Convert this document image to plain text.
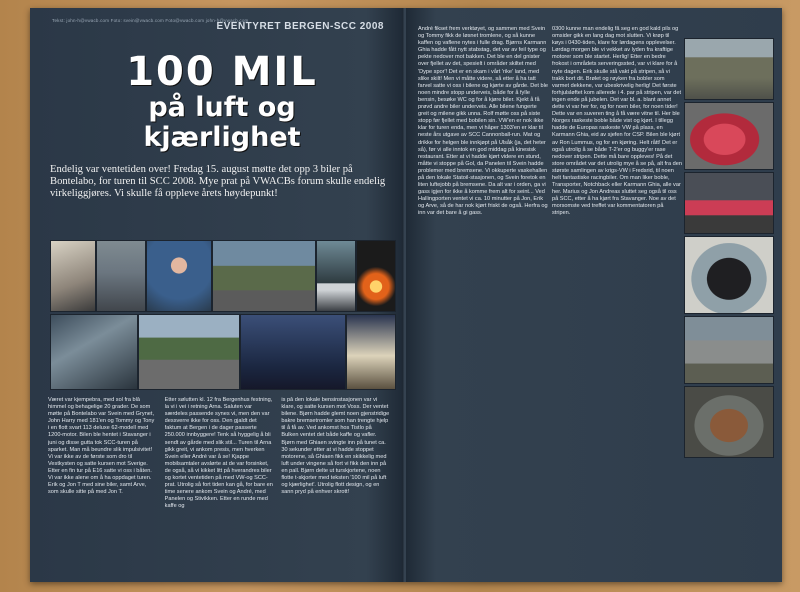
Tekst: john-h@vwacb.com Foto: svein@vwacb.com Foto@vwacb.com john-h@vwacb.com
EVENTYRET BERGEN-SCC 2008
100 MIL
på luft og
kjærlighet
Endelig var ventetiden over! Fredag 15. august møtte det opp 3 biler på Bontelabo, for turen til SCC 2008. Mye prat på VWACBs forum skulle endelig virkeliggjøres. Vi skulle få oppleve årets høydepunkt!

Været var kjempebra, med sol fra blå himmel og behagelige 20 grader. De som møtte på Bontelabo var Svein med Grynet, John Harry med 181'en og Tommy og Tony i en flott svart 113 deluxe 62-modell med 1200-motor. Bilen ble hentet i Stavanger i juni og disse gutta tok SCC-turen på sparket. Man må beundre slik impulsivitet! Vi var ikke av de første som dro til Vestkysten og satte kursen mot Sverige. Etter en fin tur på E16 satte vi oss i båten. Vi var ikke alene om å ha oppdaget turen. Erik og Jon T med sine biler, samt Arve, som skulle sitte på med Jon T.

Etter sølutten kl. 12 fra Bergenhus festning, la vi i vei i retning Arna. Saluten var særdeles passende synes vi, men den var dessverre ikke for oss. Den gjaldt det faktum at Bergen i de dager passerte 250.000 innbyggere! Tenk så hyggelig å bli sendt av gårde med slik stil... Turen til Arna gikk greit, vi ankom presis, men hverken Svein eller André var å se! Kjappe mobilsamtaler avslørte at de var forsinket, de også, så vi kikket litt på hverandres biler og kortet ventetiden på med VW-og SCC-prat. Utrolig så fort tiden kan gå, for bare en time senere ankom Svein og André, med Panelen og Stivikken. Etter en runde med kaffe og

is på den lokale bensinstasjonen var vi klare, og satte kursen mot Voss. Der ventet bilene. Bjørn hadde glemt noen gjenstridige bakre bremsetromler som han trengte hjelp til å få av. Ved ankomst hos Tistlo på Bulken ventet det både kaffe og vafler. Bjørn med Ghiaen svingte inn på tunet ca. 30 sekunder etter at vi hadde stoppet motorene, så Ghiaen fikk en skikkelig med luft under vingene så fort vi fikk den inn på en pall. Bjørn delte ut turskjortene, noen flotte t-skjorter med teksten '100 mil på luft og kjærlighet'. Utrolig flott design, og en sann pryd på enhver skrott!

André fikset frem verktøyet, og sammen med Svein og Tommy fikk de løsnet tromlene, og så kunne kaffen og vaflene nytes i fulle drag. Bjørns Karmann Ghia hadde fått nytt stabstag, det var av feil type og pekte nedover mot bakken. Det ble en del gnister over fjellet av det, spesielt i områder skiltet med 'Dype spor'! Det er en skam i vårt 'rike' land, med slike skilt! Men vi måtte videre, så etter å ha tatt farvel satte vi oss i bilene og kjørte av gårde. Det ble noen mindre stopp underveis, både for å fylle bensin, besøke WC og for å kjøre biler. Kjekt å få prøvd andre biler underveis. Alle bilene fungerte greit og milene gikk unna. Rolf møtte oss på siste stopp før fjellet med bobilen sin. VW'en er nok ikke klar for turen enda, men vi håper 1303'en er klar til neste års utgave av SCC Cannonball-run. Mat og drikke for helgen ble innkjøpt på Ulsåk (ja, det heter så), før vi alle inntok en god middag på kinesisk restaurant. Etter at vi hadde kjørt videre en stund, måtte vi stoppe på Gol, da Panelen til Svein hadde problemer med bremsene. Vi okkuperte vaskehallen på den lokale Statoil-stasjonen, og Svein foretok en liten luftejobb på bremsene. Da alt var i orden, ga vi gass igjen for ikke å komme frem alt for seint... Ved Hallingporten ventet vi ca. 10 minutter på Jon, Erik og Arve, så de har nok kjørt friskt de også. Herfra og inn var det bare å gi gass.

0300 kunne man endelig få seg en god kald pils og omsider gikk en lang dag mot slutten. Vi krøp til køys i 0430-tiden, klare for lørdagens opplevelser. Lørdag morgen ble vi vekket av lyden fra kraftige motorer som ble startet. Herlig! Etter en bedre frokost i områdets serveringssted, var vi klare for å nyte dagen. Erik skulle stå vakt på stripen, så vi trakk bort dit. Brølet og røyken fra bobler som varmet dekkene, var ubeskrivelig herlig! Det første forhjulsløftet kom allerede i 4. par på stripen, var det ingen ende på jubelen. Det var bl. a. blant annet dette vi var her for, og for noen biler, for noen tider! Dette var en suveren ting å få være vitne til. Her ble Norges raskeste boble både vist og kjørt. I tillegg hadde de Europas raskeste VW på plass, en Karmann Ghia, eid av sjefen for CSP. Bilen ble kjørt av Ron Lummus, og for en kjøring. Helt rått! Det er også utrolig å se både T-2'er og buggy'er rase nedover stripen. Dette må bare oppleves! På det store området var det utrolig mye å se på, alt fra den største samlingen av krigs-VW i Fredsrid, til noen helt fantastiske racingbiler. Om man liker boble, Transporter, Notchback eller Karmann Ghia, alle var her. Marius og Jon Andreas sluttet seg også til oss på SCC, etter å ha kjørt fra Stavanger. Noe av det morsomste ved treffet var kommentatoren på stripen.
